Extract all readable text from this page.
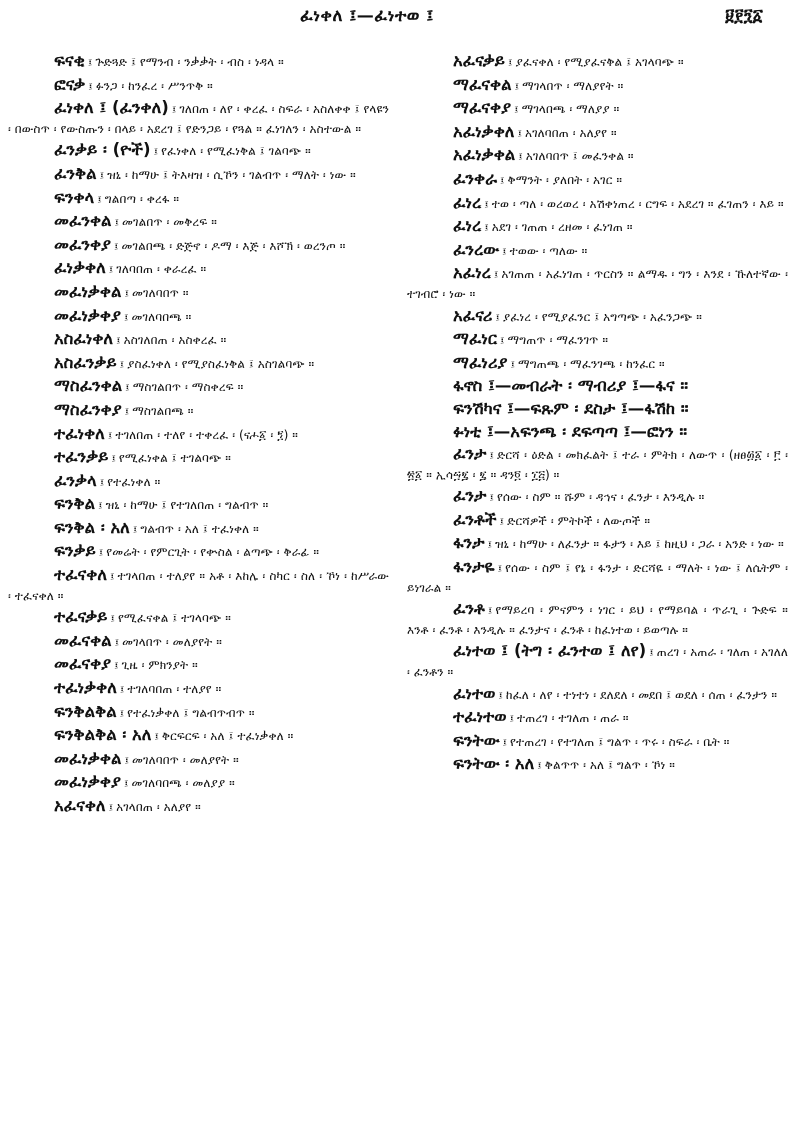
ፈነቀለ ፤—ፈነተወ ፤	፱፻፺፩

ፍናቂ ፤ ጕድጓድ ፤ የማንብ ፡ ንቃቃት ፡ ብስ ፡ ነዳላ ።

ፎናቃ ፤ ፉንጋ ፡ ከንፈረ ፡ ሥንጥቅ ።

ፈነቀለ ፤ (ፈንቀለ) ፤ ገለበጠ ፡ ለየ ፡ ቀረፈ ፡ ስፍራ ፡ አስለቀቀ ፤ የላዩን ፡ በውስጥ ፡ የውስጡን ፡ በላይ ፡ አደረገ ፤ የድንጋይ ፡ የጓል ። ፈነገለን ፡ አስተውል ።

ፈንቃይ ፡ (ዮች) ፤ የፈነቀለ ፡ የሚፈነቅል ፤ ገልባጭ ።

ፈንቅል ፤ ዝኒ ፡ ከማሁ ፤ ትእዛዝ ፡ ሲኾን ፡ ገልብጥ ፡ ማለት ፡ ነው ።

ፍንቀላ ፤ ግልበጣ ፡ ቀረፋ ።

መፈንቀል ፤ መገልበጥ ፡ መቅረፍ ።

መፈንቀያ ፤ መገልበጫ ፡ ድጅኖ ፡ ዶማ ፡ እጅ ፡ እሾኽ ፡ ወረንጦ ።

ፈነቃቀለ ፤ ገለባበጠ ፡ ቀራረፈ ።

መፈነቃቀል ፤ መገለባበጥ ።

መፈነቃቀያ ፤ መገለባበጫ ።

አስፈነቀለ ፤ አስገለበጠ ፡ አስቀረፈ ።

አስፈንቃይ ፤ ያስፈነቀለ ፡ የሚያስፈነቅል ፤ አስገልባጭ ።

ማስፈንቀል ፤ ማስገልበጥ ፡ ማስቀረፍ ።

ማስፈንቀያ ፤ ማስገልበጫ ።

ተፈነቀለ ፤ ተገለበጠ ፡ ተለየ ፡ ተቀረፈ ፡ (ናሖ፩ ፡ ፺) ።

ተፈንቃይ ፤ የሚፈነቀል ፤ ተገልባጭ ።

ፈንቃላ ፤ የተፈነቀለ ።

ፍንቅል ፤ ዝኒ ፡ ከማሁ ፤ የተገለበጠ ፡ ግልብጥ ።

ፍንቅል ፡ አለ ፤ ግልብጥ ፡ አለ ፤ ተፈነቀለ ።

ፍንቃይ ፤ የመሬት ፡ የምርጊት ፡ የቍስል ፡ ልጣጭ ፡ ቅራፊ ።

ተፈናቀለ ፤ ተገላበጠ ፡ ተለያየ ። አቶ ፡ እከሌ ፡ ስካር ፡ ስለ ፡ ኾነ ፡ ከሥራው ፡ ተፈናቀለ ።

ተፈናቃይ ፤ የሚፈናቀል ፤ ተገላባጭ ።

መፈናቀል ፤ መገላበጥ ፡ መለያየት ።

መፈናቀያ ፤ ጊዜ ፡ ምክንያት ።

ተፈነቃቀለ ፤ ተገለባበጠ ፡ ተለያየ ።

ፍንቅልቅል ፤ የተፈነቃቀለ ፤ ግልብጥብጥ ።

ፍንቅልቅል ፡ አለ ፤ ቅርፍርፍ ፡ አለ ፤ ተፈነቃቀለ ።

መፈነቃቀል ፤ መገለባበጥ ፡ መለያየት ።

መፈነቃቀያ ፤ መገለባበጫ ፡ መለያያ ።

አፈናቀለ ፤ አገላበጠ ፡ አለያየ ።

አፈናቃይ ፤ ያፈናቀለ ፡ የሚያፈናቅል ፤ አገላባጭ ።

ማፈናቀል ፤ ማገላበጥ ፡ ማለያየት ።

ማፈናቀያ ፤ ማገላበጫ ፡ ማለያያ ።

አፈነቃቀለ ፤ አገለባበጠ ፡ አለያየ ።

አፈነቃቀል ፤ አገለባበጥ ፤ መፈንቀል ።

ፈንቀራ ፤ ቅማንት ፡ ያለበት ፡ አገር ።

ፈነረ ፤ ተወ ፡ ጣለ ፡ ወረወረ ፡ አሽቀነጠረ ፡ ርግፍ ፡ አደረገ ። ፈገጠን ፡ እይ ።

ፈነረ ፤ አደገ ፡ ገጠጠ ፡ ረዘመ ፡ ፈነገጠ ።

ፈንረው ፤ ተወው ፡ ጣለው ።

አፈነረ ፤ አገጠጠ ፡ አፈነገጠ ፡ ጥርስን ። ልማዱ ፡ ግን ፡ እንደ ፡ ኹለተኛው ፡ ተገብሮ ፡ ነው ።

አፈናሪ ፤ ያፈነረ ፡ የሚያፈንር ፤ አግጣጭ ፡ አፈንጋጭ ።

ማፈነር ፤ ማግጠጥ ፡ ማፈንገጥ ።

ማፈነሪያ ፤ ማግጠጫ ፡ ማፈንገጫ ፡ ከንፈር ።

ፋኖስ ፤—መብራት ፡ ማብሪያ ፤—ፋና ።

ፍንሽካና ፤—ፍጹም ፡ ደስታ ፤—ፋሽከ ።

ፉነቲ ፤—አፍንጫ ፡ ደፍጣጣ ፤—ፎነን ።

ፈንታ ፤ ድርሻ ፡ ዕድል ፡ መክፈልት ፤ ተራ ፡ ምትክ ፡ ለውጥ ፡ (ዘፀ፴፩ ፡ ፫ ፡ ፳፩ ። ኢሳ፵፯ ፡ ፯ ። ዳን፬ ፡ ፲፭) ።

ፈንታ ፤ የሰው ፡ ስም ። ሹም ፡ ዳኅና ፡ ፈንታ ፡ እንዲሉ ።

ፈንቶች ፤ ድርሻዎች ፡ ምትኮች ፡ ለውጦች ።

ፋንታ ፤ ዝኒ ፡ ከማሁ ፡ ለፈንታ ። ፋታን ፡ እይ ፤ ከዚህ ፡ ጋራ ፡ አንድ ፡ ነው ።

ፋንታዬ ፤ የሰው ፡ ስም ፤ የኔ ፡ ፋንታ ፡ ድርሻዬ ፡ ማለት ፡ ነው ፤ ለሴትም ፡ ይነገራል ።

ፈንቶ ፤ የማይረባ ፡ ምናምን ፡ ነገር ፡ ይህ ፡ የማይባል ፡ ጥራጊ ፡ ጕድፍ ። እንቶ ፡ ፈንቶ ፡ እንዲሉ ። ፈንታና ፡ ፈንቶ ፡ ከፈነተወ ፡ ይወጣሉ ።

ፈነተወ ፤ (ትግ ፡ ፈንተወ ፤ ለየ) ፤ ጠረገ ፡ አጠራ ፡ ገለጠ ፡ አገለለ ፡ ፈንቶን ።

ፈነተወ ፤ ከፈለ ፡ ለየ ፡ ተነተነ ፡ ደለደለ ፡ መደበ ፤ ወደለ ፡ ሰጠ ፡ ፈንታን ።

ተፈነተወ ፤ ተጠረገ ፡ ተገለጠ ፡ ጠራ ።

ፍንትው ፤ የተጠረገ ፡ የተገለጠ ፤ ግልጥ ፡ ጥሩ ፡ ስፍራ ፡ ቤት ።

ፍንትው ፡ አለ ፤ ቅልጥጥ ፡ አለ ፤ ግልጥ ፡ ኾነ ።
